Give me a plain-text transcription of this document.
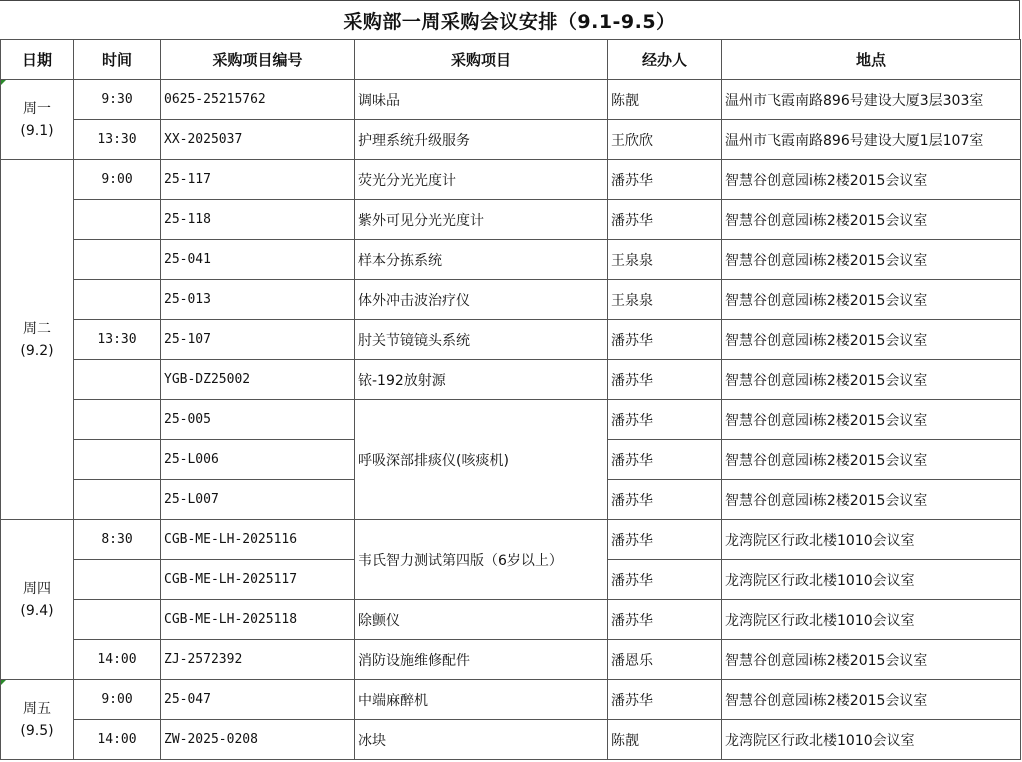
采购部一周采购会议安排（9.1-9.5）
日期	时间	采购项目编号	采购项目	经办人	地点

周一
(9.1)	9:30	0625-25215762	调味品	陈靓	温州市飞霞南路896号建设大厦3层303室
	13:30	XX-2025037	护理系统升级服务	王欣欣	温州市飞霞南路896号建设大厦1层107室

周二
(9.2)	9:00	25-117	荧光分光光度计	潘苏华	智慧谷创意园i栋2楼2015会议室
		25-118	紫外可见分光光度计	潘苏华	智慧谷创意园i栋2楼2015会议室
		25-041	样本分拣系统	王泉泉	智慧谷创意园i栋2楼2015会议室
		25-013	体外冲击波治疗仪	王泉泉	智慧谷创意园i栋2楼2015会议室
	13:30	25-107	肘关节镜镜头系统	潘苏华	智慧谷创意园i栋2楼2015会议室
		YGB-DZ25002	铱-192放射源	潘苏华	智慧谷创意园i栋2楼2015会议室
		25-005	呼吸深部排痰仪(咳痰机)	潘苏华	智慧谷创意园i栋2楼2015会议室
		25-L006		潘苏华	智慧谷创意园i栋2楼2015会议室
		25-L007		潘苏华	智慧谷创意园i栋2楼2015会议室

周四
(9.4)	8:30	CGB-ME-LH-2025116	韦氏智力测试第四版（6岁以上）	潘苏华	龙湾院区行政北楼1010会议室
		CGB-ME-LH-2025117		潘苏华	龙湾院区行政北楼1010会议室
		CGB-ME-LH-2025118	除颤仪	潘苏华	龙湾院区行政北楼1010会议室
	14:00	ZJ-2572392	消防设施维修配件	潘恩乐	智慧谷创意园i栋2楼2015会议室

周五
(9.5)	9:00	25-047	中端麻醉机	潘苏华	智慧谷创意园i栋2楼2015会议室
	14:00	ZW-2025-0208	冰块	陈靓	龙湾院区行政北楼1010会议室
